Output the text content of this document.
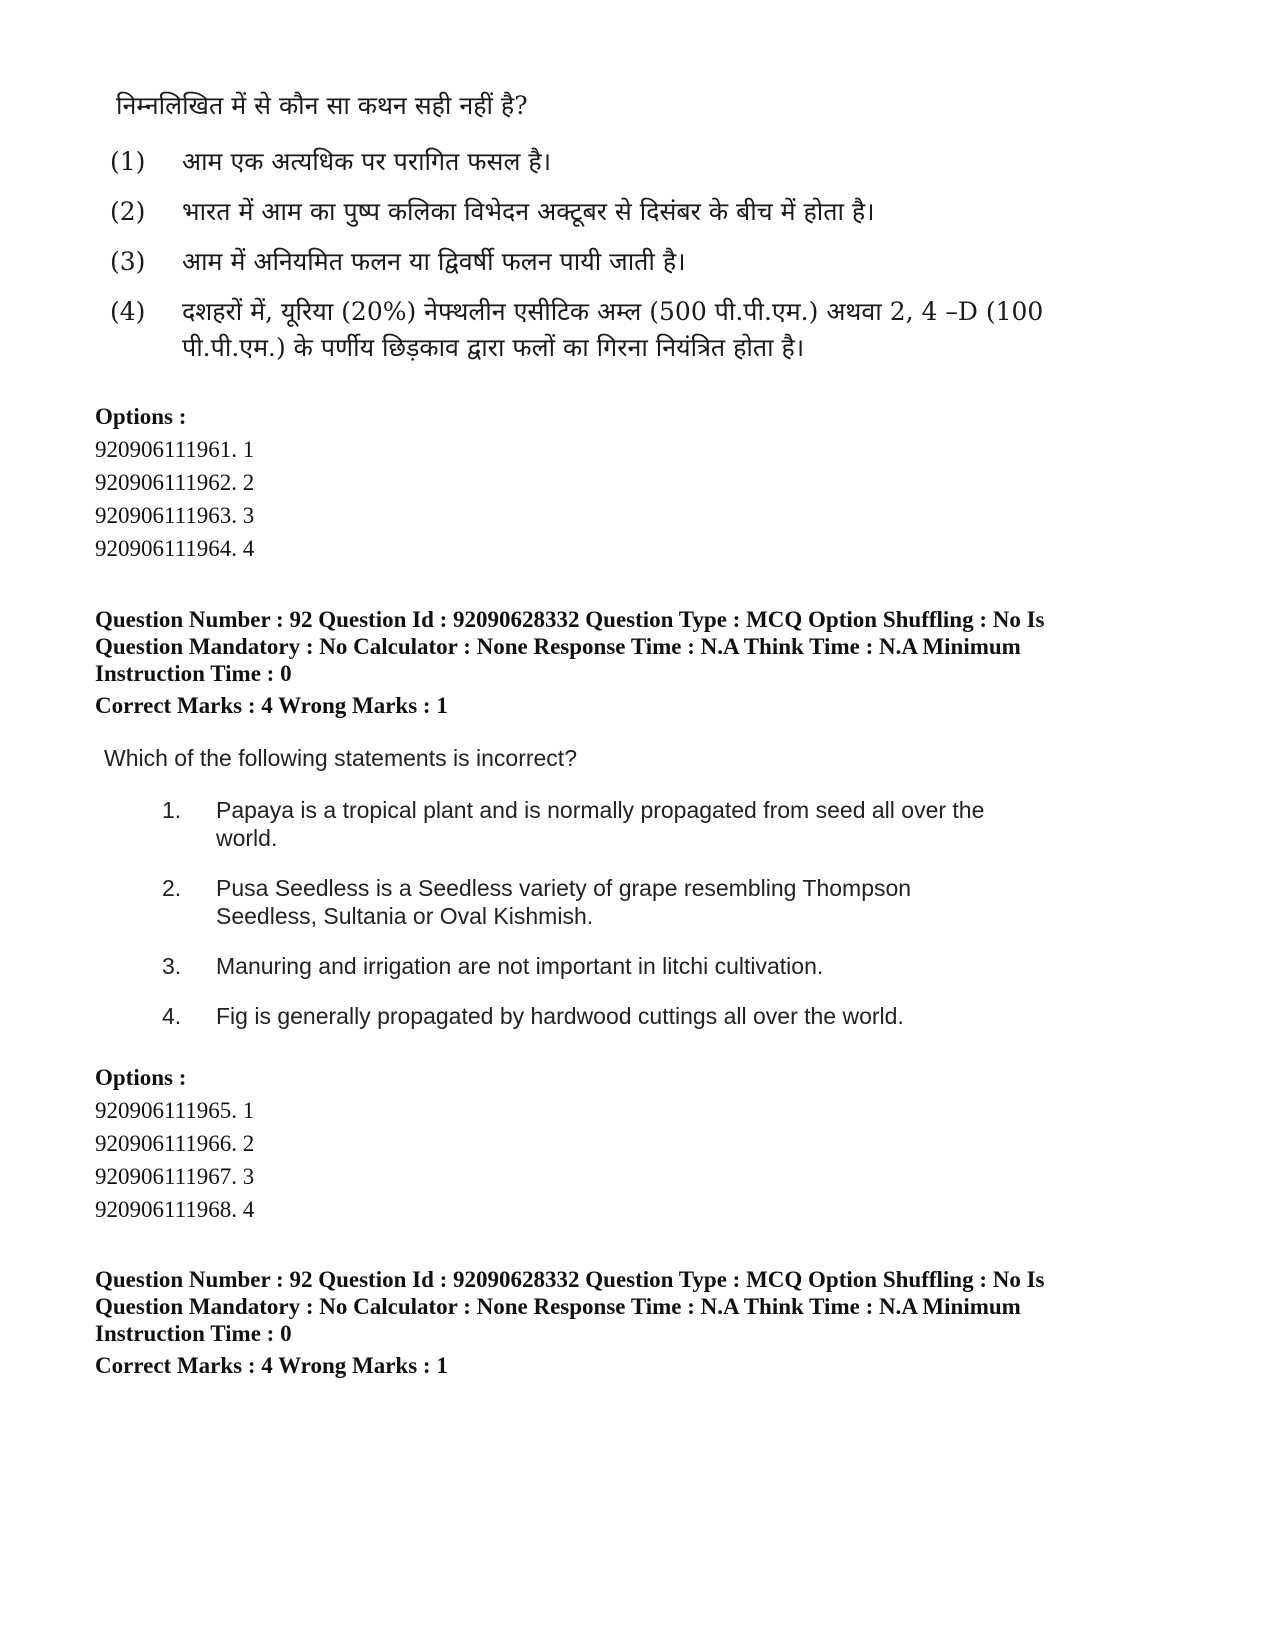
निम्नलिखित में से कौन सा कथन सही नहीं है?
(1)	आम एक अत्यधिक पर परागित फसल है।
(2)	भारत में आम का पुष्प कलिका विभेदन अक्टूबर से दिसंबर के बीच में होता है।
(3)	आम में अनियमित फलन या द्विवर्षी फलन पायी जाती है।
(4)	दशहरों में, यूरिया (20%) नेफ्थलीन एसीटिक अम्ल (500 पी.पी.एम.) अथवा 2, 4 –D (100 पी.पी.एम.) के पर्णीय छिड़काव द्वारा फलों का गिरना नियंत्रित होता है।
Options :
920906111961. 1
920906111962. 2
920906111963. 3
920906111964. 4
Question Number : 92 Question Id : 92090628332 Question Type : MCQ Option Shuffling : No Is
Question Mandatory : No Calculator : None Response Time : N.A Think Time : N.A Minimum
Instruction Time : 0
Correct Marks : 4 Wrong Marks : 1
Which of the following statements is incorrect?
1.	Papaya is a tropical plant and is normally propagated from seed all over the world.
2.	Pusa Seedless is a Seedless variety of grape resembling Thompson Seedless, Sultania or Oval Kishmish.
3.	Manuring and irrigation are not important in litchi cultivation.
4.	Fig is generally propagated by hardwood cuttings all over the world.
Options :
920906111965. 1
920906111966. 2
920906111967. 3
920906111968. 4
Question Number : 92 Question Id : 92090628332 Question Type : MCQ Option Shuffling : No Is
Question Mandatory : No Calculator : None Response Time : N.A Think Time : N.A Minimum
Instruction Time : 0
Correct Marks : 4 Wrong Marks : 1
